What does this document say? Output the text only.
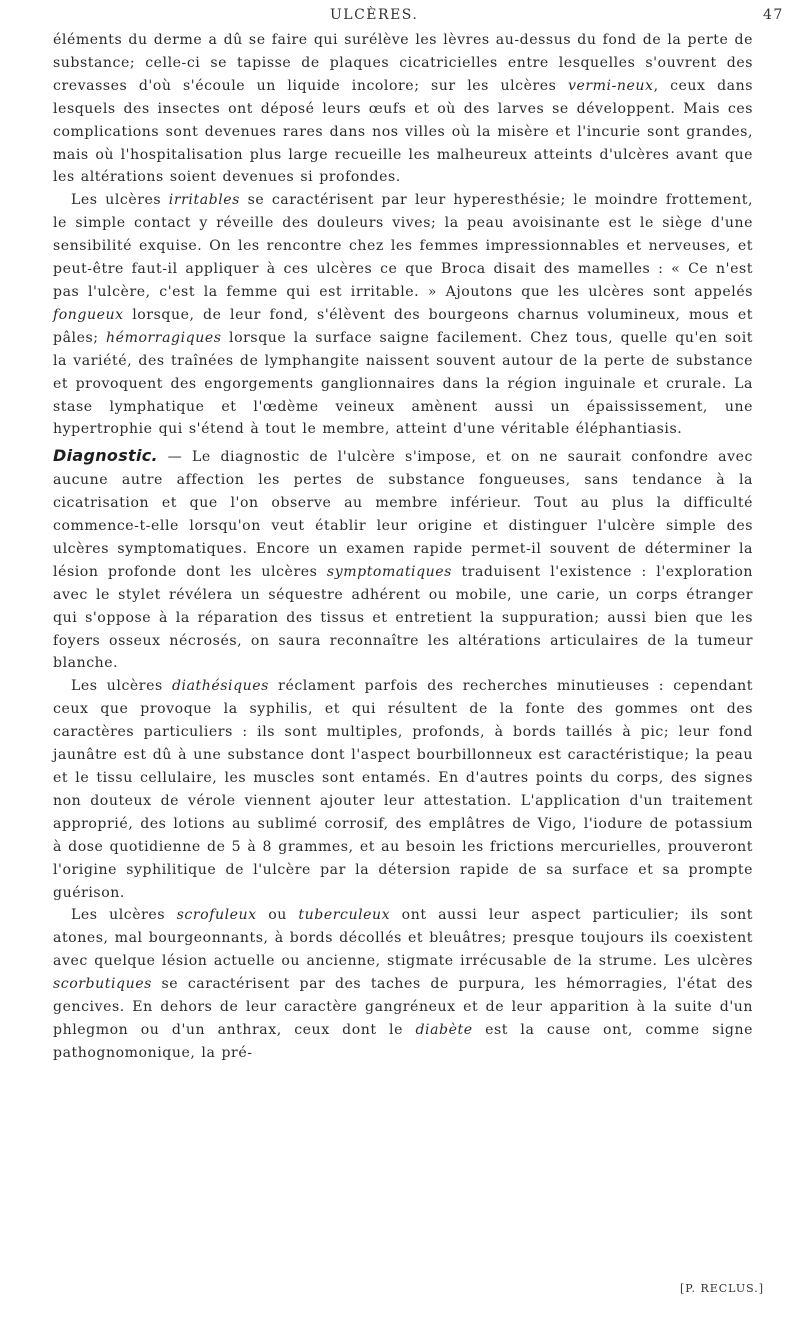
ULCÈRES.	47

éléments du derme a dû se faire qui surélève les lèvres au-dessus du fond de la perte de substance; celle-ci se tapisse de plaques cicatricielles entre lesquelles s'ouvrent des crevasses d'où s'écoule un liquide incolore; sur les ulcères vermi-neux, ceux dans lesquels des insectes ont déposé leurs œufs et où des larves se développent. Mais ces complications sont devenues rares dans nos villes où la misère et l'incurie sont grandes, mais où l'hospitalisation plus large recueille les malheureux atteints d'ulcères avant que les altérations soient devenues si profondes.

Les ulcères irritables se caractérisent par leur hyperesthésie; le moindre frottement, le simple contact y réveille des douleurs vives; la peau avoisinante est le siège d'une sensibilité exquise. On les rencontre chez les femmes impressionnables et nerveuses, et peut-être faut-il appliquer à ces ulcères ce que Broca disait des mamelles : « Ce n'est pas l'ulcère, c'est la femme qui est irritable. » Ajoutons que les ulcères sont appelés fongueux lorsque, de leur fond, s'élèvent des bourgeons charnus volumineux, mous et pâles; hémorragiques lorsque la surface saigne facilement. Chez tous, quelle qu'en soit la variété, des traînées de lymphangite naissent souvent autour de la perte de substance et provoquent des engorgements ganglionnaires dans la région inguinale et crurale. La stase lymphatique et l'œdème veineux amènent aussi un épaississement, une hypertrophie qui s'étend à tout le membre, atteint d'une véritable éléphantiasis.

Diagnostic. — Le diagnostic de l'ulcère s'impose, et on ne saurait confondre avec aucune autre affection les pertes de substance fongueuses, sans tendance à la cicatrisation et que l'on observe au membre inférieur. Tout au plus la difficulté commence-t-elle lorsqu'on veut établir leur origine et distinguer l'ulcère simple des ulcères symptomatiques. Encore un examen rapide permet-il souvent de déterminer la lésion profonde dont les ulcères symptomatiques traduisent l'existence : l'exploration avec le stylet révélera un séquestre adhérent ou mobile, une carie, un corps étranger qui s'oppose à la réparation des tissus et entretient la suppuration; aussi bien que les foyers osseux nécrosés, on saura reconnaître les altérations articulaires de la tumeur blanche.

Les ulcères diathésiques réclament parfois des recherches minutieuses : cependant ceux que provoque la syphilis, et qui résultent de la fonte des gommes ont des caractères particuliers : ils sont multiples, profonds, à bords taillés à pic; leur fond jaunâtre est dû à une substance dont l'aspect bourbillonneux est caractéristique; la peau et le tissu cellulaire, les muscles sont entamés. En d'autres points du corps, des signes non douteux de vérole viennent ajouter leur attestation. L'application d'un traitement approprié, des lotions au sublimé corrosif, des emplâtres de Vigo, l'iodure de potassium à dose quotidienne de 5 à 8 grammes, et au besoin les frictions mercurielles, prouveront l'origine syphilitique de l'ulcère par la détersion rapide de sa surface et sa prompte guérison.

Les ulcères scrofuleux ou tuberculeux ont aussi leur aspect particulier; ils sont atones, mal bourgeonnants, à bords décollés et bleuâtres; presque toujours ils coexistent avec quelque lésion actuelle ou ancienne, stigmate irrécusable de la strume. Les ulcères scorbutiques se caractérisent par des taches de purpura, les hémorragies, l'état des gencives. En dehors de leur caractère gangréneux et de leur apparition à la suite d'un phlegmon ou d'un anthrax, ceux dont le diabète est la cause ont, comme signe pathognomonique, la pré-

[P. RECLUS.]
